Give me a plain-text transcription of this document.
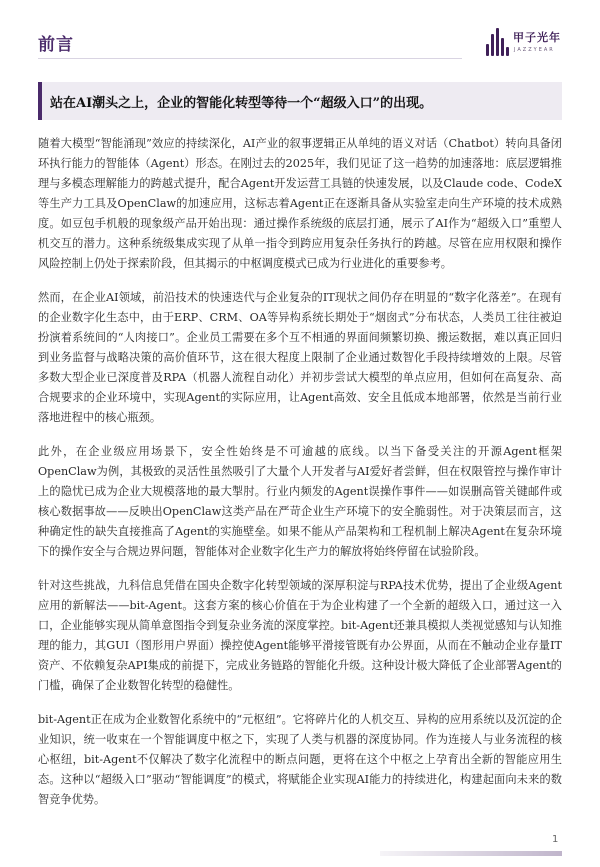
前言	甲子光年
JAZZYEAR
站在AI潮头之上，企业的智能化转型等待一个“超级入口”的出现。

随着大模型“智能涌现”效应的持续深化，AI产业的叙事逻辑正从单纯的语义对话（Chatbot）转向具备闭环执行能力的智能体（Agent）形态。在刚过去的2025年，我们见证了这一趋势的加速落地：底层逻辑推理与多模态理解能力的跨越式提升，配合Agent开发运营工具链的快速发展，以及Claude code、CodeX等生产力工具及OpenClaw的加速应用，这标志着Agent正在逐渐具备从实验室走向生产环境的技术成熟度。如豆包手机般的现象级产品开始出现：通过操作系统级的底层打通，展示了AI作为“超级入口”重塑人机交互的潜力。这种系统级集成实现了从单一指令到跨应用复杂任务执行的跨越。尽管在应用权限和操作风险控制上仍处于探索阶段，但其揭示的中枢调度模式已成为行业进化的重要参考。

然而，在企业AI领域，前沿技术的快速迭代与企业复杂的IT现状之间仍存在明显的“数字化落差”。在现有的企业数字化生态中，由于ERP、CRM、OA等异构系统长期处于“烟囱式”分布状态，人类员工往往被迫扮演着系统间的“人肉接口”。企业员工需要在多个互不相通的界面间频繁切换、搬运数据，难以真正回归到业务监督与战略决策的高价值环节，这在很大程度上限制了企业通过数智化手段持续增效的上限。尽管多数大型企业已深度普及RPA（机器人流程自动化）并初步尝试大模型的单点应用，但如何在高复杂、高合规要求的企业环境中，实现Agent的实际应用，让Agent高效、安全且低成本地部署，依然是当前行业落地进程中的核心瓶颈。

此外，在企业级应用场景下，安全性始终是不可逾越的底线。以当下备受关注的开源Agent框架OpenClaw为例，其极致的灵活性虽然吸引了大量个人开发者与AI爱好者尝鲜，但在权限管控与操作审计上的隐忧已成为企业大规模落地的最大掣肘。行业内频发的Agent误操作事件——如误删高管关键邮件或核心数据事故——反映出OpenClaw这类产品在严苛企业生产环境下的安全脆弱性。对于决策层而言，这种确定性的缺失直接推高了Agent的实施壁垒。如果不能从产品架构和工程机制上解决Agent在复杂环境下的操作安全与合规边界问题，智能体对企业数字化生产力的解放将始终停留在试验阶段。

针对这些挑战，九科信息凭借在国央企数字化转型领域的深厚积淀与RPA技术优势，提出了企业级Agent应用的新解法——bit-Agent。这套方案的核心价值在于为企业构建了一个全新的超级入口，通过这一入口，企业能够实现从简单意图指令到复杂业务流的深度掌控。bit-Agent还兼具模拟人类视觉感知与认知推理的能力，其GUI（图形用户界面）操控使Agent能够平滑接管既有办公界面，从而在不触动企业存量IT资产、不依赖复杂API集成的前提下，完成业务链路的智能化升级。这种设计极大降低了企业部署Agent的门槛，确保了企业数智化转型的稳健性。

bit-Agent正在成为企业数智化系统中的“元枢纽”。它将碎片化的人机交互、异构的应用系统以及沉淀的企业知识，统一收束在一个智能调度中枢之下，实现了人类与机器的深度协同。作为连接人与业务流程的核心枢纽，bit-Agent不仅解决了数字化流程中的断点问题，更将在这个中枢之上孕育出全新的智能应用生态。这种以“超级入口”驱动“智能调度”的模式，将赋能企业实现AI能力的持续进化，构建起面向未来的数智竞争优势。

1
